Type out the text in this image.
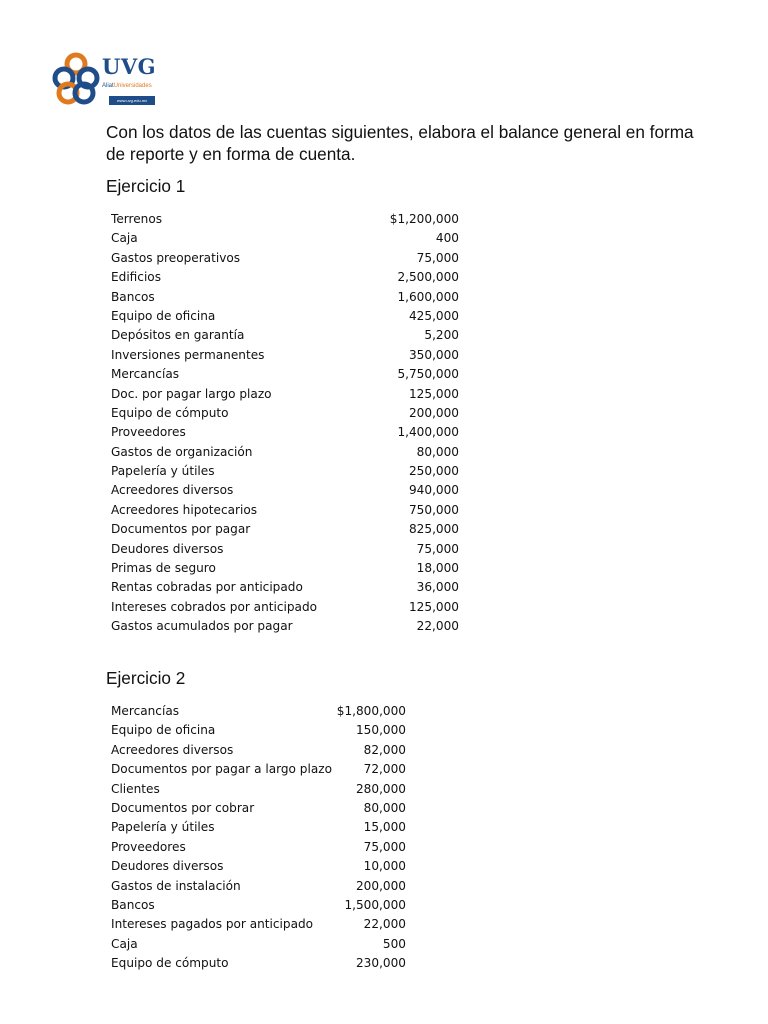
UVG
AliatUniversidades
www.uvg.edu.mx
Con los datos de las cuentas siguientes, elabora el balance general en forma de reporte y en forma de cuenta.
Ejercicio 1
Terrenos	$1,200,000
Caja	400
Gastos preoperativos	75,000
Edificios	2,500,000
Bancos	1,600,000
Equipo de oficina	425,000
Depósitos en garantía	5,200
Inversiones permanentes	350,000
Mercancías	5,750,000
Doc. por pagar largo plazo	125,000
Equipo de cómputo	200,000
Proveedores	1,400,000
Gastos de organización	80,000
Papelería y útiles	250,000
Acreedores diversos	940,000
Acreedores hipotecarios	750,000
Documentos por pagar	825,000
Deudores diversos	75,000
Primas de seguro	18,000
Rentas cobradas por anticipado	36,000
Intereses cobrados por anticipado	125,000
Gastos acumulados por pagar	22,000
Ejercicio 2
Mercancías	$1,800,000
Equipo de oficina	150,000
Acreedores diversos	82,000
Documentos por pagar a largo plazo	72,000
Clientes	280,000
Documentos por cobrar	80,000
Papelería y útiles	15,000
Proveedores	75,000
Deudores diversos	10,000
Gastos de instalación	200,000
Bancos	1,500,000
Intereses pagados por anticipado	22,000
Caja	500
Equipo de cómputo	230,000
